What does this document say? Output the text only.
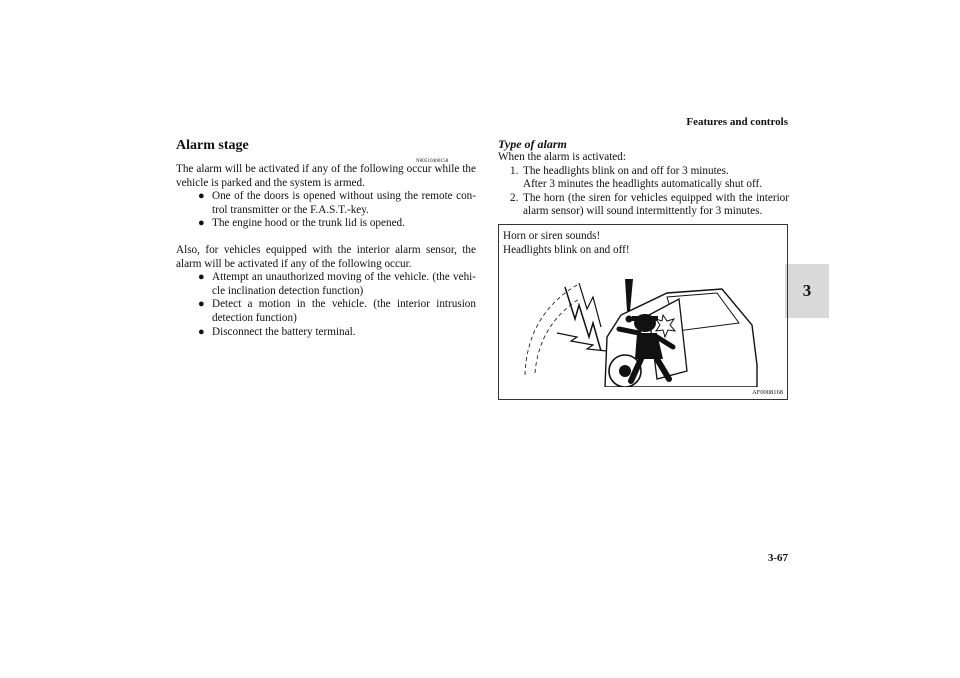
Features and controls
3
Alarm stage
N00510400158

The alarm will be activated if any of the following occur while the vehicle is parked and the system is armed.

● One of the doors is opened without using the remote con-trol transmitter or the F.A.S.T.-key.
● The engine hood or the trunk lid is opened.

Also, for vehicles equipped with the interior alarm sensor, the alarm will be activated if any of the following occur.

● Attempt an unauthorized moving of the vehicle. (the vehi-cle inclination detection function)
● Detect a motion in the vehicle. (the interior intrusion detection function)
● Disconnect the battery terminal.
Type of alarm

When the alarm is activated:

1. The headlights blink on and off for 3 minutes.
After 3 minutes the headlights automatically shut off.
2. The horn (the siren for vehicles equipped with the interior alarm sensor) will sound intermittently for 3 minutes.
Horn or siren sounds!
Headlights blink on and off!
AF0008168
3-67
